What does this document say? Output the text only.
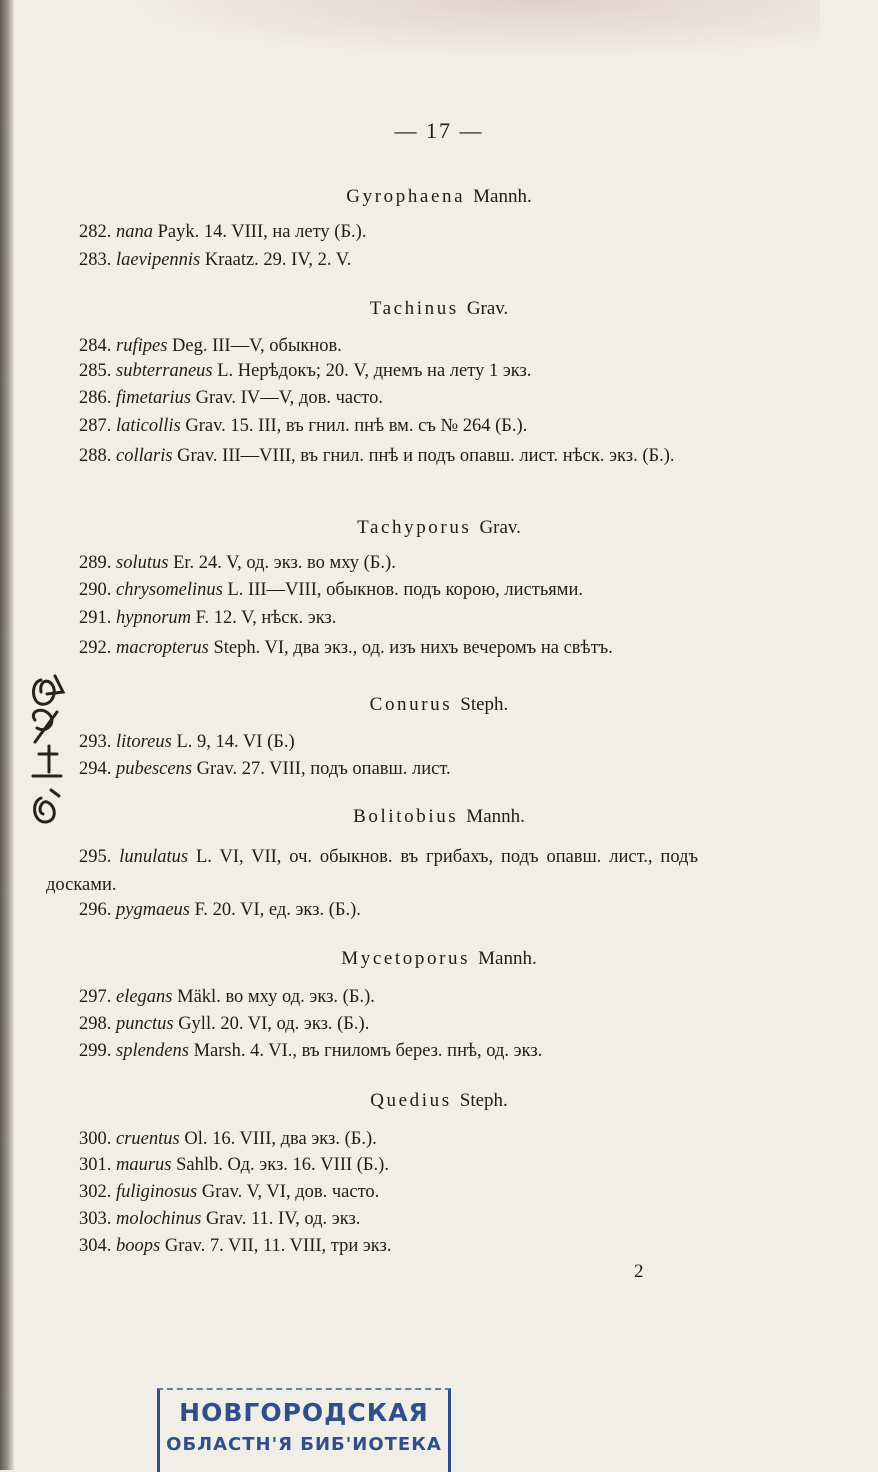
— 17 —
Gyrophaena Mannh.
Tachinus Grav.
Tachyporus Grav.
Conurus Steph.
Bolitobius Mannh.
Mycetoporus Mannh.
Quedius Steph.
282. nana Payk. 14. VIII, на лету (Б.).
283. laevipennis Kraatz. 29. IV, 2. V.
284. rufipes Deg. III—V, обыкнов.
285. subterraneus L. Нерѣдокъ; 20. V, днемъ на лету 1 экз.
286. fimetarius Grav. IV—V, дов. часто.
287. laticollis Grav. 15. III, въ гнил. пнѣ вм. съ № 264 (Б.).
288. collaris Grav. III—VIII, въ гнил. пнѣ и подъ опавш. лист. нѣск. экз. (Б.).
289. solutus Er. 24. V, од. экз. во мху (Б.).
290. chrysomelinus L. III—VIII, обыкнов. подъ корою, листьями.
291. hypnorum F. 12. V, нѣск. экз.
292. macropterus Steph. VI, два экз., од. изъ нихъ вечеромъ на свѣтъ.
293. litoreus L. 9, 14. VI (Б.)
294. pubescens Grav. 27. VIII, подъ опавш. лист.
295. lunulatus L. VI, VII, оч. обыкнов. въ грибахъ, подъ опавш. лист., подъ досками.
296. pygmaeus F. 20. VI, ед. экз. (Б.).
297. elegans Mäkl. во мху од. экз. (Б.).
298. punctus Gyll. 20. VI, од. экз. (Б.).
299. splendens Marsh. 4. VI., въ гниломъ берез. пнѣ, од. экз.
300. cruentus Ol. 16. VIII, два экз. (Б.).
301. maurus Sahlb. Од. экз. 16. VIII (Б.).
302. fuliginosus Grav. V, VI, дов. часто.
303. molochinus Grav. 11. IV, од. экз.
304. boops Grav. 7. VII, 11. VIII, три экз.
2
НОВГОРОДСКАЯ
ОБЛАСТН'Я БИБ'ИОТЕКА
